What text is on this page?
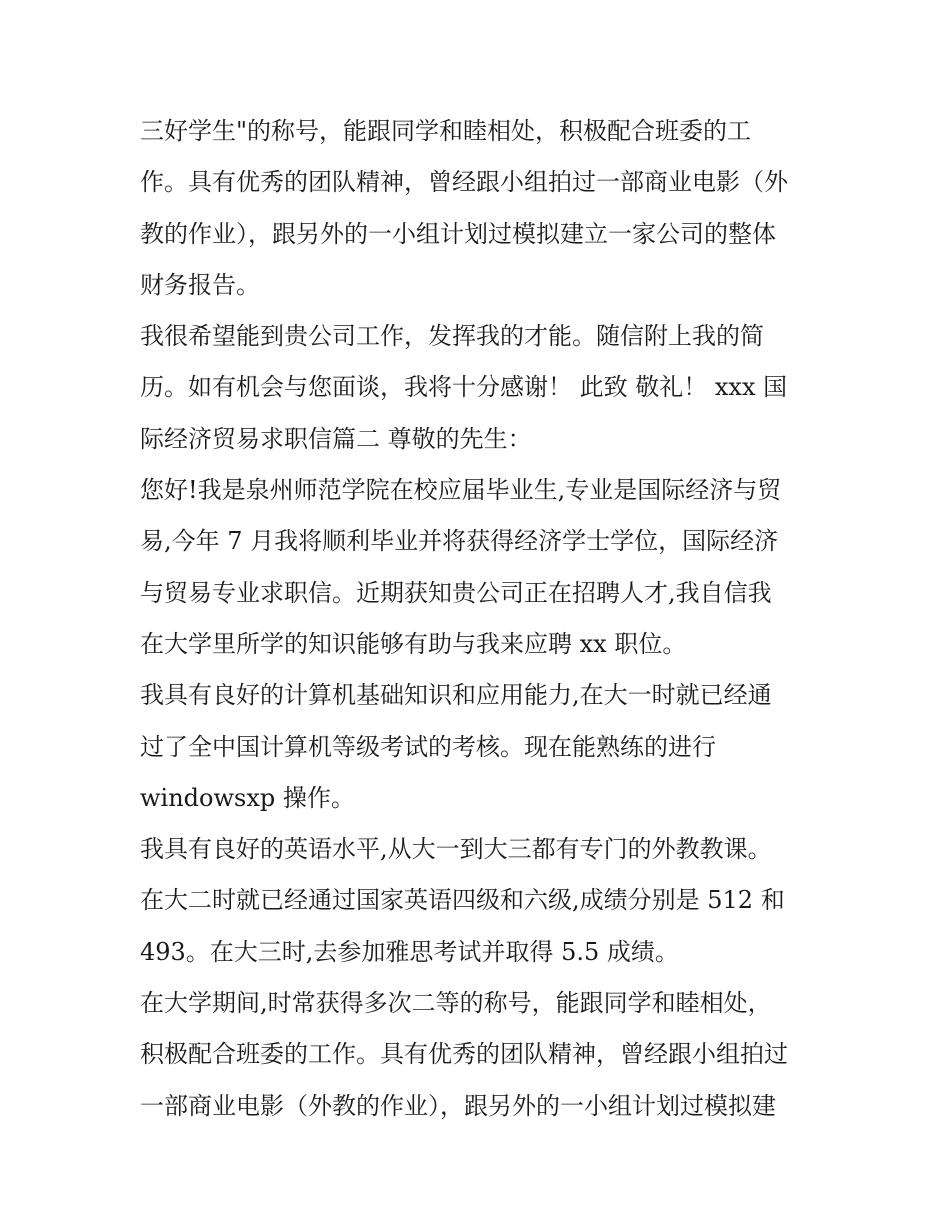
三好学生"的称号，能跟同学和睦相处，积极配合班委的工
作。具有优秀的团队精神，曾经跟小组拍过一部商业电影（外
教的作业），跟另外的一小组计划过模拟建立一家公司的整体
财务报告。
我很希望能到贵公司工作，发挥我的才能。随信附上我的简
历。如有机会与您面谈，我将十分感谢！ 此致 敬礼！ xxx 国
际经济贸易求职信篇二 尊敬的先生：
您好!我是泉州师范学院在校应届毕业生,专业是国际经济与贸
易,今年 7 月我将顺利毕业并将获得经济学士学位，国际经济
与贸易专业求职信。近期获知贵公司正在招聘人才,我自信我
在大学里所学的知识能够有助与我来应聘 xx 职位。
我具有良好的计算机基础知识和应用能力,在大一时就已经通
过了全中国计算机等级考试的考核。现在能熟练的进行
windowsxp 操作。
我具有良好的英语水平,从大一到大三都有专门的外教教课。
在大二时就已经通过国家英语四级和六级,成绩分别是 512 和
493。在大三时,去参加雅思考试并取得 5.5 成绩。
在大学期间,时常获得多次二等的称号，能跟同学和睦相处，
积极配合班委的工作。具有优秀的团队精神，曾经跟小组拍过
一部商业电影（外教的作业），跟另外的一小组计划过模拟建
